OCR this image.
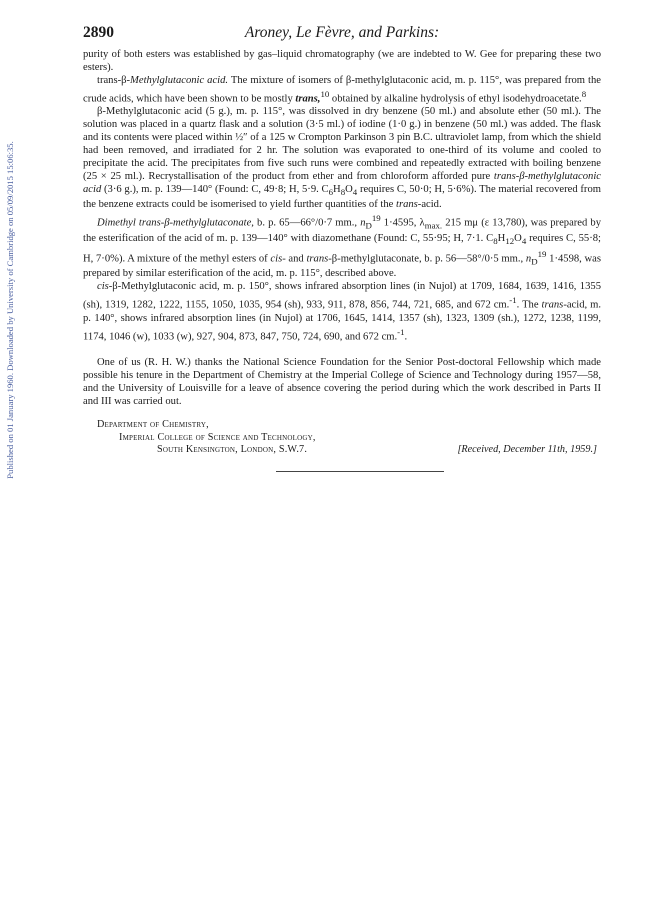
Published on 01 January 1960. Downloaded by University of Cambridge on 05/09/2015 15:06:35.
2890	Aroney, Le Fèvre, and Parkins:

purity of both esters was established by gas–liquid chromatography (we are indebted to W. Gee for preparing these two esters).

trans-β-Methylglutaconic acid. The mixture of isomers of β-methylglutaconic acid, m. p. 115°, was prepared from the crude acids, which have been shown to be mostly trans,$^{10}$ obtained by alkaline hydrolysis of ethyl isodehydroacetate.$^8$

β-Methylglutaconic acid (5 g.), m. p. 115°, was dissolved in dry benzene (50 ml.) and absolute ether (50 ml.). The solution was placed in a quartz flask and a solution (3·5 ml.) of iodine (1·0 g.) in benzene (50 ml.) was added. The flask and its contents were placed within ½″ of a 125 w Crompton Parkinson 3 pin B.C. ultraviolet lamp, from which the shield had been removed, and irradiated for 2 hr. The solution was evaporated to one-third of its volume and cooled to precipitate the acid. The precipitates from five such runs were combined and repeatedly extracted with boiling benzene (25 × 25 ml.). Recrystallisation of the product from ether and from chloroform afforded pure trans-β-methylglutaconic acid (3·6 g.), m. p. 139—140° (Found: C, 49·8; H, 5·9. $C_6H_8O_4$ requires C, 50·0; H, 5·6%). The material recovered from the benzene extracts could be isomerised to yield further quantities of the trans-acid.

Dimethyl trans-β-methylglutaconate, b. p. 65—66°/0·7 mm., $n_D^{19}$ 1·4595, $\lambda_{max.}$ 215 mμ (ε 13,780), was prepared by the esterification of the acid of m. p. 139—140° with diazomethane (Found: C, 55·95; H, 7·1. $C_8H_{12}O_4$ requires C, 55·8; H, 7·0%). A mixture of the methyl esters of cis- and trans-β-methylglutaconate, b. p. 56—58°/0·5 mm., $n_D^{19}$ 1·4598, was prepared by similar esterification of the acid, m. p. 115°, described above.

cis-β-Methylglutaconic acid, m. p. 150°, shows infrared absorption lines (in Nujol) at 1709, 1684, 1639, 1416, 1355 (sh), 1319, 1282, 1222, 1155, 1050, 1035, 954 (sh), 933, 911, 878, 856, 744, 721, 685, and 672 cm.$^{-1}$. The trans-acid, m. p. 140°, shows infrared absorption lines (in Nujol) at 1706, 1645, 1414, 1357 (sh), 1323, 1309 (sh.), 1272, 1238, 1199, 1174, 1046 (w), 1033 (w), 927, 904, 873, 847, 750, 724, 690, and 672 cm.$^{-1}$.

One of us (R. H. W.) thanks the National Science Foundation for the Senior Post-doctoral Fellowship which made possible his tenure in the Department of Chemistry at the Imperial College of Science and Technology during 1957—58, and the University of Louisville for a leave of absence covering the period during which the work described in Parts II and III was carried out.

Department of Chemistry,
Imperial College of Science and Technology,
South Kensington, London, S.W.7.	[Received, December 11th, 1959.]
